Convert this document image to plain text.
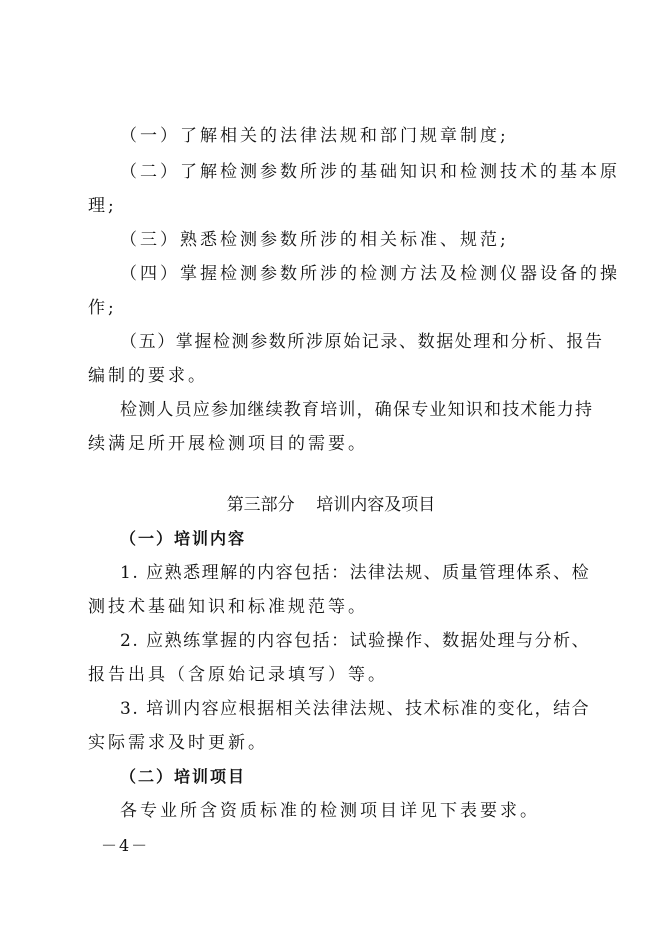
（一）了解相关的法律法规和部门规章制度;
（二）了解检测参数所涉的基础知识和检测技术的基本原
理;
（三）熟悉检测参数所涉的相关标准、规范;
（四）掌握检测参数所涉的检测方法及检测仪器设备的操
作;
（五）掌握检测参数所涉原始记录、数据处理和分析、报告
编制的要求。
检测人员应参加继续教育培训，确保专业知识和技术能力持
续满足所开展检测项目的需要。
第三部分    培训内容及项目
（一）培训内容
1. 应熟悉理解的内容包括：法律法规、质量管理体系、检
测技术基础知识和标准规范等。
2. 应熟练掌握的内容包括：试验操作、数据处理与分析、
报告出具（含原始记录填写）等。
3. 培训内容应根据相关法律法规、技术标准的变化，结合
实际需求及时更新。
（二）培训项目
各专业所含资质标准的检测项目详见下表要求。
－4－
